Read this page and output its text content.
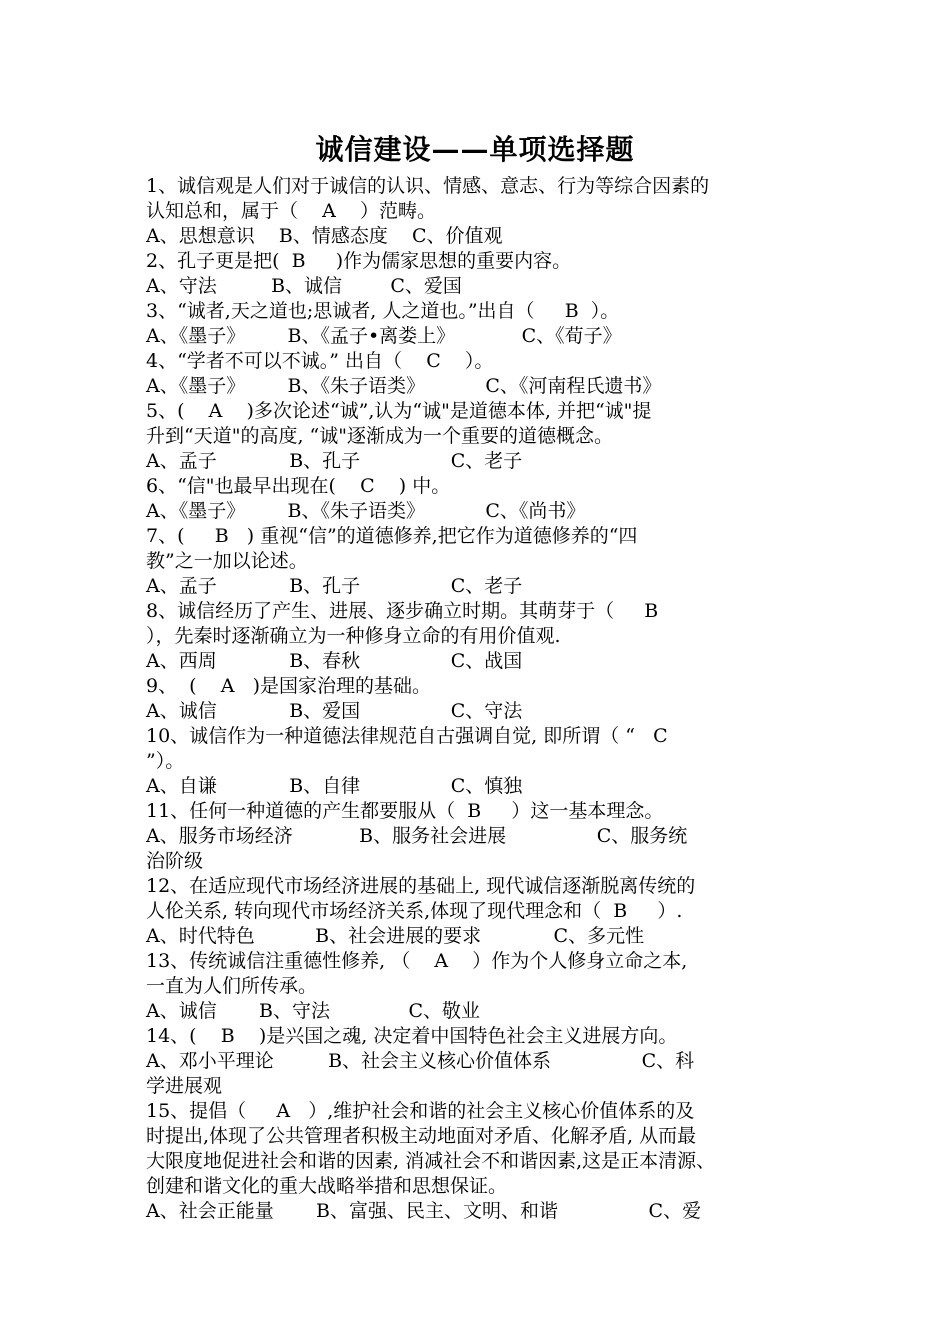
诚信建设——单项选择题
1、诚信观是人们对于诚信的认识、情感、意志、行为等综合因素的
认知总和，属于（    A    ）范畴。
A、思想意识    B、情感态度    C、价值观
2、孔子更是把(  B     )作为儒家思想的重要内容。
A、守法         B、诚信        C、爱国
3、“诚者,天之道也;思诚者, 人之道也。”出自（     B  ）。
A、《墨子》       B、《孟子•离娄上》           C、《荀子》
4、“学者不可以不诚。” 出自（    C    ）。
A、《墨子》       B、《朱子语类》          C、《河南程氏遗书》
5、(    A    )多次论述“诚”,认为“诚"是道德本体, 并把“诚"提
升到“天道"的高度, “诚"逐渐成为一个重要的道德概念。
A、孟子            B、孔子               C、老子
6、“信"也最早出现在(    C    ) 中。
A、《墨子》       B、《朱子语类》          C、《尚书》
7、(     B   ) 重视“信”的道德修养,把它作为道德修养的“四
教”之一加以论述。
A、孟子            B、孔子               C、老子
8、诚信经历了产生、进展、逐步确立时期。其萌芽于（     B
），先秦时逐渐确立为一种修身立命的有用价值观.
A、西周            B、春秋               C、战国
9、  (    A   )是国家治理的基础。
A、诚信            B、爱国               C、守法
10、诚信作为一种道德法律规范自古强调自觉, 即所谓（ “   C
”）。
A、自谦            B、自律               C、慎独
11、任何一种道德的产生都要服从（  B     ）这一基本理念。
A、服务市场经济           B、服务社会进展               C、服务统
治阶级
12、在适应现代市场经济进展的基础上, 现代诚信逐渐脱离传统的
人伦关系, 转向现代市场经济关系,体现了现代理念和（  B     ）.
A、时代特色          B、社会进展的要求            C、多元性
13、传统诚信注重德性修养, （    A    ）作为个人修身立命之本,
一直为人们所传承。
A、诚信       B、守法             C、敬业
14、(    B    )是兴国之魂, 决定着中国特色社会主义进展方向。
A、邓小平理论         B、社会主义核心价值体系               C、科
学进展观
15、提倡（     A   ）,维护社会和谐的社会主义核心价值体系的及
时提出,体现了公共管理者积极主动地面对矛盾、化解矛盾, 从而最
大限度地促进社会和谐的因素, 消减社会不和谐因素,这是正本清源、
创建和谐文化的重大战略举措和思想保证。
A、社会正能量       B、富强、民主、文明、和谐               C、爱
